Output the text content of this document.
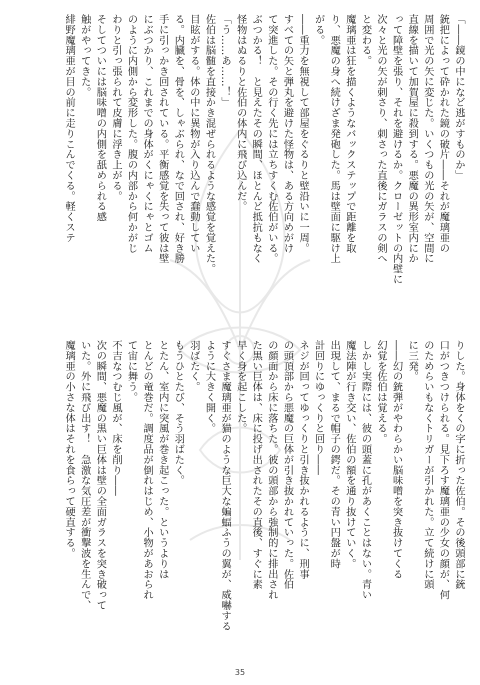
「――鏡の中になど逃がすものか」
銃把によって砕かれた鏡の破片――それが魔璃亜の
周囲で光の矢に変じた。いくつもの光の矢が、空間に
直線を描いて加賀屋に殺到する。悪魔の異形室内にか
って障壁を張り、それを避けるか。クローゼットの内壁に
次々と光の矢が刺さり、刺さった直後にガラスの剣へ
と変わる。
魔璃亜は狂を描くようなバックステップで距離を取
り、悪魔の身へ続けざま発砲した。馬は壁面に駆け上
がる。
――重力を無視して部屋をぐるりと壁沿いに一周。
すべての矢と弾丸を避けた怪物は、ある方向めがけ
て突進した。その行く先には立ちすくむ佐伯がいる。
ぶつかる！　と見えたその瞬間、ほとんど抵抗もなく
怪物はぬるりと佐伯の体内に飛び込んだ。
「う……あ……！」
佐伯は脳髄を直接かき混ぜられるような感覚を覚えた。
目眩がする。体の中に異物が入り込んで蠢動してい
る。内臓を、骨を、しゃぶられ、なで回され、好き勝
手に引っかき回されている。平衡感覚を失って彼は壁
にぶつかり、これまでの身体がくにゃくにゃとゴム
のように内側から変形した。腹の内部から何かがじ
わりと引っ張られて皮膚に浮き上がる。
そしてついには脳味噌の内側を舐められる感
触がやってきた。
緋野魔璃亜が目の前に走りこんでくる。軽くステ
りした。身体をくの字に折った佐伯。その後頭部に銃
口がつきつけられる。見下ろす魔璃亜の少女の顔が、何
のためらいもなくトリガーが引かれた。立て続けに頭
に三発。
――幻の銃弾がやわらかい脳味噌を突き抜けてくる
幻覚を佐伯は覚える。
しかし実際には、彼の頭蓋に孔があくことはない。青い
魔法陣が行き交い、佐伯の額を通り抜けていく。
出現して、まるで帽子の鍔だ。その青い円盤が時
計回りにゆっくりと回り――
ネジが回ってゆっくりと引き抜かれるように、刑事
の頭頂部から悪魔の巨体が引き抜かれていった。佐伯
の顔面から床に落ちた。彼の頭部から強制的に排出され
た黒い巨体は、床に投げ出されたその直後、すぐに素
早く身を起こした。
すぐさま魔璃亜が猫のような巨大な蝙蝠ふうの翼が、威嚇する
ように大きく開く。
羽ばたく。
もうひとたび、そう羽ばたく。
とたん、室内に突風が巻き起こった。というよりは
とんどの竜巻だ。調度品が倒れはじめ、小物があおられ
て宙に舞う。
不吉なつむじ風が、床を削り――
次の瞬間、悪魔の黒い巨体は壁の全面ガラスを突き破って
いた。外に飛び出す！　急激な気圧差が衝撃波を生んで、
魔璃亜の小さな体はそれを食らって硬直する。

35
